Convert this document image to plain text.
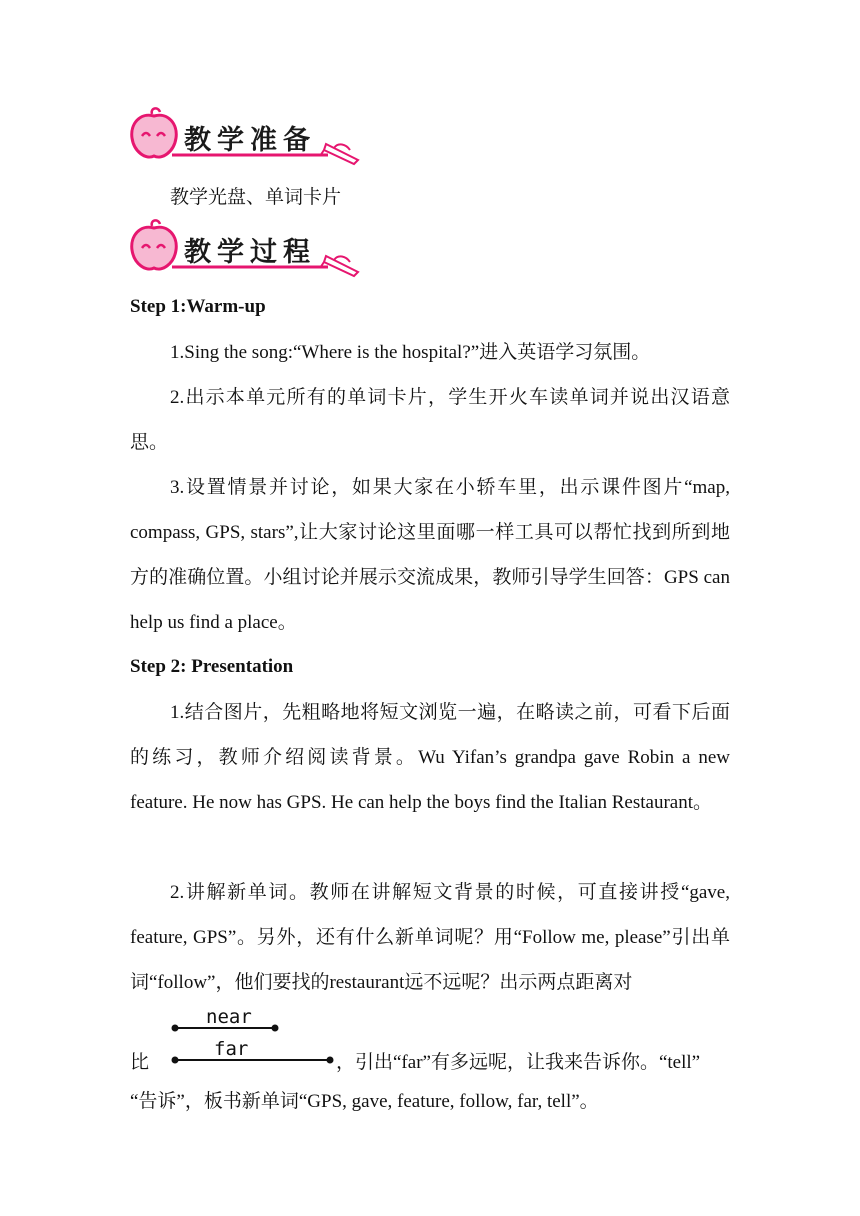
教学准备
教学光盘、单词卡片
教学过程
Step 1:Warm-up
1.Sing the song:“Where is the hospital?”进入英语学习氛围。
2.出示本单元所有的单词卡片，学生开火车读单词并说出汉语意思。
3.设置情景并讨论，如果大家在小轿车里，出示课件图片“map, compass, GPS, stars”,让大家讨论这里面哪一样工具可以帮忙找到所到地方的准确位置。小组讨论并展示交流成果，教师引导学生回答：GPS can help us find a place。
Step 2: Presentation
1.结合图片，先粗略地将短文浏览一遍，在略读之前，可看下后面的练习，教师介绍阅读背景。Wu Yifan’s grandpa gave Robin a new feature. He now has GPS. He can help the boys find the Italian Restaurant。
2.讲解新单词。教师在讲解短文背景的时候，可直接讲授“gave, feature, GPS”。另外，还有什么新单词呢？用“Follow me, please”引出单词“follow”，他们要找的restaurant远不远呢？出示两点距离对
比
near
far
，引出“far”有多远呢，让我来告诉你。“tell”
“告诉”，板书新单词“GPS, gave, feature, follow, far, tell”。
